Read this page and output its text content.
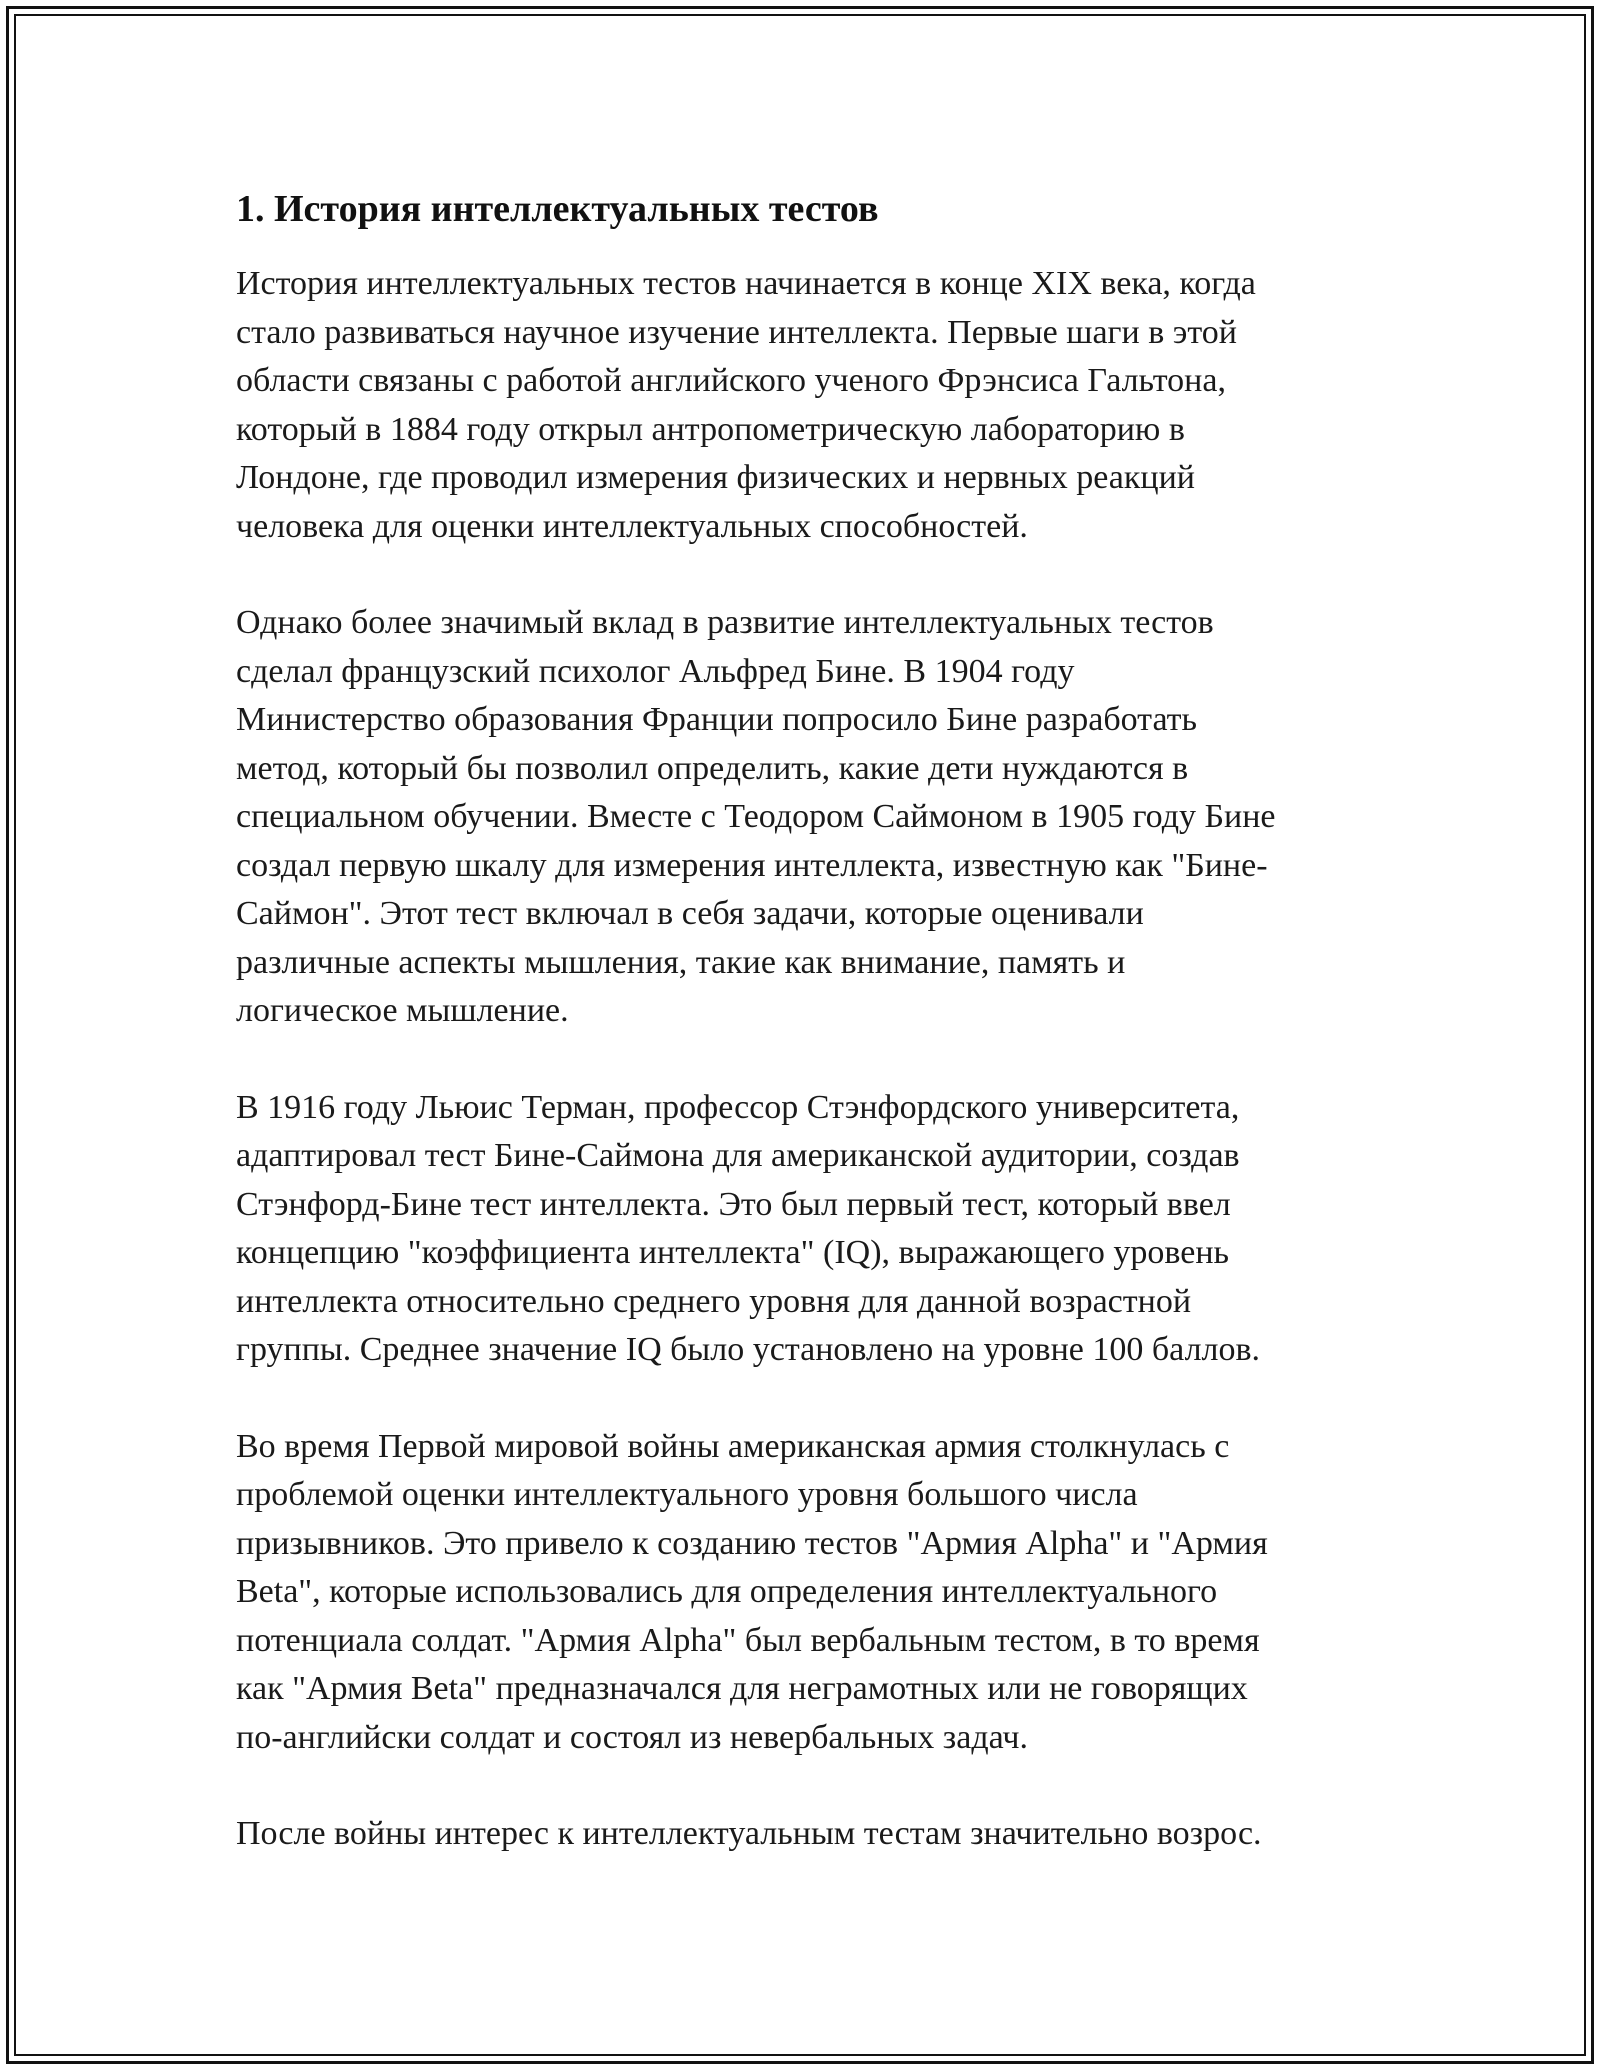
1. История интеллектуальных тестов

История интеллектуальных тестов начинается в конце XIX века, когда
стало развиваться научное изучение интеллекта. Первые шаги в этой
области связаны с работой английского ученого Фрэнсиса Гальтона,
который в 1884 году открыл антропометрическую лабораторию в
Лондоне, где проводил измерения физических и нервных реакций
человека для оценки интеллектуальных способностей.

Однако более значимый вклад в развитие интеллектуальных тестов
сделал французский психолог Альфред Бине. В 1904 году
Министерство образования Франции попросило Бине разработать
метод, который бы позволил определить, какие дети нуждаются в
специальном обучении. Вместе с Теодором Саймоном в 1905 году Бине
создал первую шкалу для измерения интеллекта, известную как "Бине-
Саймон". Этот тест включал в себя задачи, которые оценивали
различные аспекты мышления, такие как внимание, память и
логическое мышление.

В 1916 году Льюис Терман, профессор Стэнфордского университета,
адаптировал тест Бине-Саймона для американской аудитории, создав
Стэнфорд-Бине тест интеллекта. Это был первый тест, который ввел
концепцию "коэффициента интеллекта" (IQ), выражающего уровень
интеллекта относительно среднего уровня для данной возрастной
группы. Среднее значение IQ было установлено на уровне 100 баллов.

Во время Первой мировой войны американская армия столкнулась с
проблемой оценки интеллектуального уровня большого числа
призывников. Это привело к созданию тестов "Армия Alpha" и "Армия
Beta", которые использовались для определения интеллектуального
потенциала солдат. "Армия Alpha" был вербальным тестом, в то время
как "Армия Beta" предназначался для неграмотных или не говорящих
по-английски солдат и состоял из невербальных задач.

После войны интерес к интеллектуальным тестам значительно возрос.
